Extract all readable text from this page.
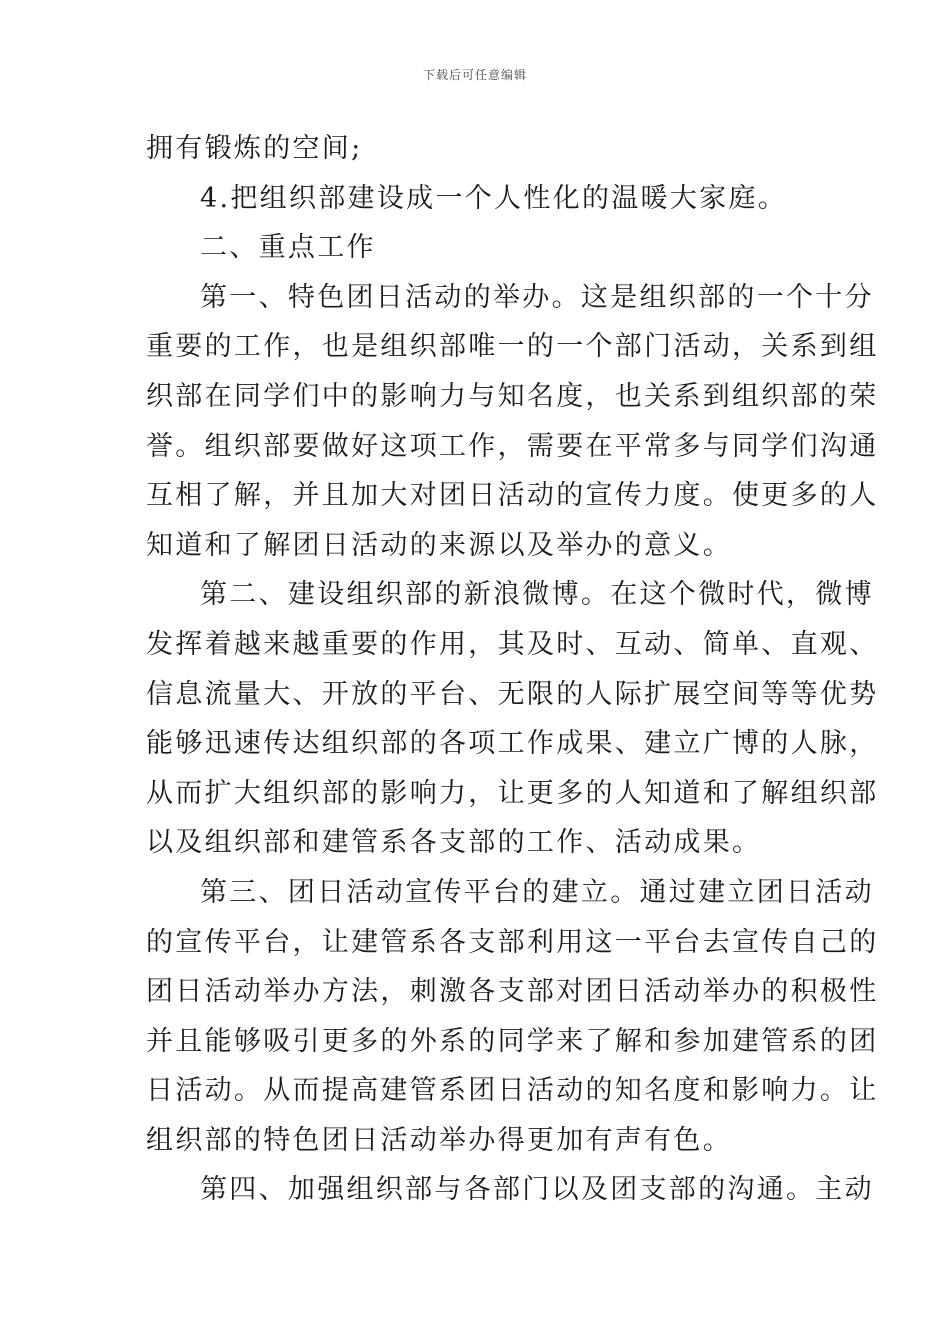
下载后可任意编辑
拥有锻炼的空间;
4.把组织部建设成一个人性化的温暖大家庭。
二、重点工作
第一、特色团日活动的举办。这是组织部的一个十分
重要的工作，也是组织部唯一的一个部门活动，关系到组
织部在同学们中的影响力与知名度，也关系到组织部的荣
誉。组织部要做好这项工作，需要在平常多与同学们沟通
互相了解，并且加大对团日活动的宣传力度。使更多的人
知道和了解团日活动的来源以及举办的意义。
第二、建设组织部的新浪微博。在这个微时代，微博
发挥着越来越重要的作用，其及时、互动、简单、直观、
信息流量大、开放的平台、无限的人际扩展空间等等优势
能够迅速传达组织部的各项工作成果、建立广博的人脉，
从而扩大组织部的影响力，让更多的人知道和了解组织部
以及组织部和建管系各支部的工作、活动成果。
第三、团日活动宣传平台的建立。通过建立团日活动
的宣传平台，让建管系各支部利用这一平台去宣传自己的
团日活动举办方法，刺激各支部对团日活动举办的积极性
并且能够吸引更多的外系的同学来了解和参加建管系的团
日活动。从而提高建管系团日活动的知名度和影响力。让
组织部的特色团日活动举办得更加有声有色。
第四、加强组织部与各部门以及团支部的沟通。主动
